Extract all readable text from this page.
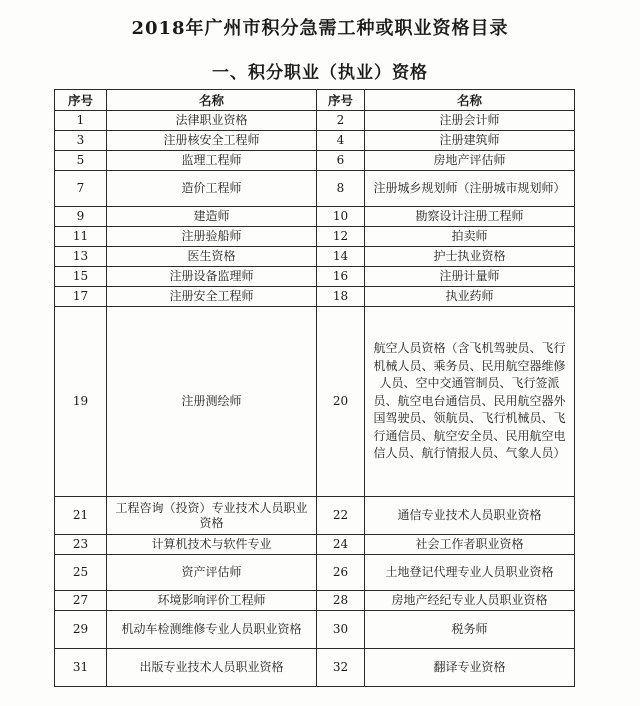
2018年广州市积分急需工种或职业资格目录
一、积分职业（执业）资格
序号	名称	序号	名称
1	法律职业资格	2	注册会计师
3	注册核安全工程师	4	注册建筑师
5	监理工程师	6	房地产评估师
7	造价工程师	8	注册城乡规划师（注册城市规划师）
9	建造师	10	勘察设计注册工程师
11	注册验船师	12	拍卖师
13	医生资格	14	护士执业资格
15	注册设备监理师	16	注册计量师
17	注册安全工程师	18	执业药师
19	注册测绘师	20	航空人员资格（含飞机驾驶员、飞行机械人员、乘务员、民用航空器维修人员、空中交通管制员、飞行签派员、航空电台通信员、民用航空器外国驾驶员、领航员、飞行机械员、飞行通信员、航空安全员、民用航空电信人员、航行情报人员、气象人员）
21	工程咨询（投资）专业技术人员职业资格	22	通信专业技术人员职业资格
23	计算机技术与软件专业	24	社会工作者职业资格
25	资产评估师	26	土地登记代理专业人员职业资格
27	环境影响评价工程师	28	房地产经纪专业人员职业资格
29	机动车检测维修专业人员职业资格	30	税务师
31	出版专业技术人员职业资格	32	翻译专业资格
